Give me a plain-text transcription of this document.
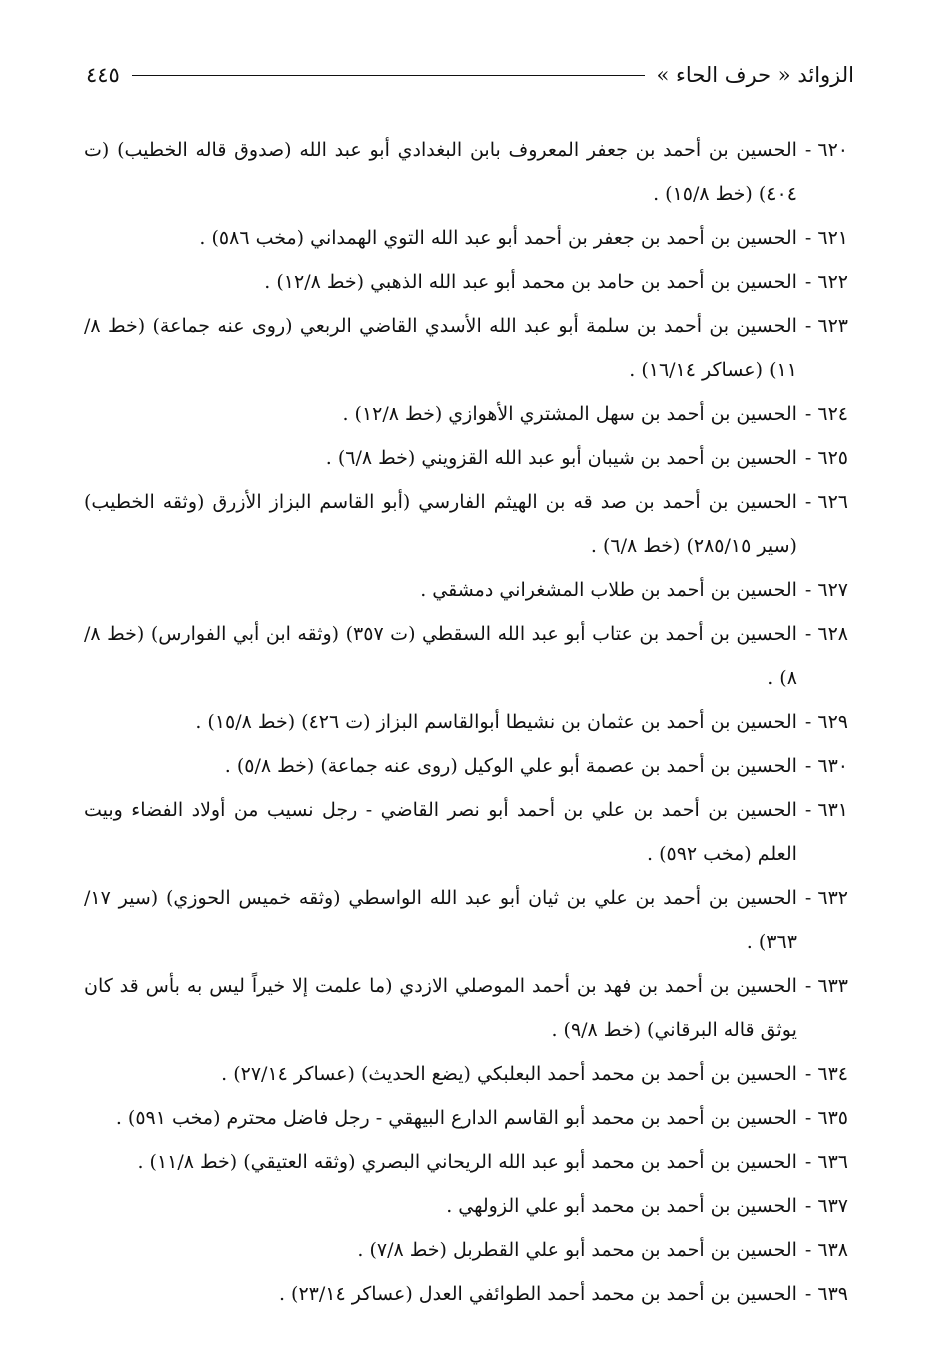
الزوائد « حرف الحاء »
٤٤٥
٦٢٠ -
الحسين بن أحمد بن جعفر المعروف بابن البغدادي أبو عبد الله (صدوق قاله الخطيب) (ت ٤٠٤) (خط ١٥/٨) .
٦٢١ -
الحسين بن أحمد بن جعفر بن أحمد أبو عبد الله التوي الهمداني (مخب ٥٨٦) .
٦٢٢ -
الحسين بن أحمد بن حامد بن محمد أبو عبد الله الذهبي (خط ١٢/٨) .
٦٢٣ -
الحسين بن أحمد بن سلمة أبو عبد الله الأسدي القاضي الربعي (روى عنه جماعة) (خط ٨/ ١١) (عساكر ١٦/١٤) .
٦٢٤ -
الحسين بن أحمد بن سهل المشتري الأهوازي (خط ١٢/٨) .
٦٢٥ -
الحسين بن أحمد بن شيبان أبو عبد الله القزويني (خط ٦/٨) .
٦٢٦ -
الحسين بن أحمد بن صد قه بن الهيثم الفارسي (أبو القاسم البزاز الأزرق (وثقه الخطيب) (سير ٢٨٥/١٥) (خط ٦/٨) .
٦٢٧ -
الحسين بن أحمد بن طلاب المشغراني دمشقي .
٦٢٨ -
الحسين بن أحمد بن عتاب أبو عبد الله السقطي (ت ٣٥٧) (وثقه ابن أبي الفوارس) (خط ٨/ ٨) .
٦٢٩ -
الحسين بن أحمد بن عثمان بن نشيطا أبوالقاسم البزاز (ت ٤٢٦) (خط ١٥/٨) .
٦٣٠ -
الحسين بن أحمد بن عصمة أبو علي الوكيل (روى عنه جماعة) (خط ٥/٨) .
٦٣١ -
الحسين بن أحمد بن علي بن أحمد أبو نصر القاضي - رجل نسيب من أولاد الفضاء وبيت العلم (مخب ٥٩٢) .
٦٣٢ -
الحسين بن أحمد بن علي بن ثيان أبو عبد الله الواسطي (وثقه خميس الحوزي) (سير ١٧/ ٣٦٣) .
٦٣٣ -
الحسين بن أحمد بن فهد بن أحمد الموصلي الازدي (ما علمت إلا خيراً ليس به بأس قد كان يوثق قاله البرقاني) (خط ٩/٨) .
٦٣٤ -
الحسين بن أحمد بن محمد أحمد البعلبكي (يضع الحديث) (عساكر ٢٧/١٤) .
٦٣٥ -
الحسين بن أحمد بن محمد أبو القاسم الدارع البيهقي - رجل فاضل محترم (مخب ٥٩١) .
٦٣٦ -
الحسين بن أحمد بن محمد أبو عبد الله الريحاني البصري (وثقه العتيقي) (خط ١١/٨) .
٦٣٧ -
الحسين بن أحمد بن محمد أبو علي الزولهي .
٦٣٨ -
الحسين بن أحمد بن محمد أبو علي القطربل (خط ٧/٨) .
٦٣٩ -
الحسين بن أحمد بن محمد أحمد الطوائفي العدل (عساكر ٢٣/١٤) .
